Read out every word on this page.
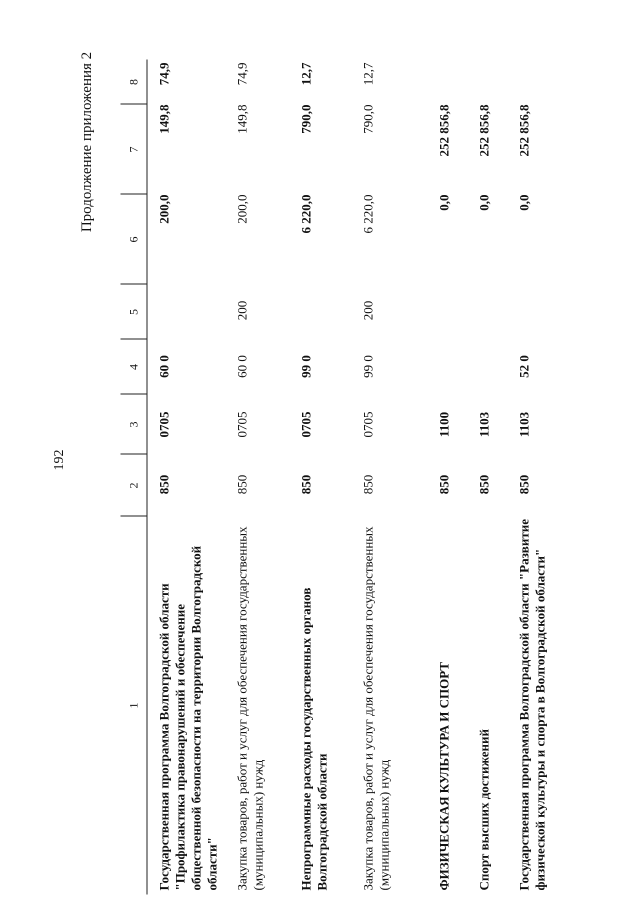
192
Продолжение приложения 2
1
2
3
4
5
6
7
8
Государственная программа Волгоградской области "Профилактика правонарушений и обеспечение общественной безопасности на территории Волгоградской области"
850
0705
60 0
200,0
149,8
74,9
Закупка товаров, работ и услуг для обеспечения государственных (муниципальных) нужд
850
0705
60 0
200
200,0
149,8
74,9
Непрограммные расходы государственных органов Волгоградской области
850
0705
99 0
6 220,0
790,0
12,7
Закупка товаров, работ и услуг для обеспечения государственных (муниципальных) нужд
850
0705
99 0
200
6 220,0
790,0
12,7
ФИЗИЧЕСКАЯ КУЛЬТУРА И СПОРТ
850
1100
0,0
252 856,8
Спорт высших достижений
850
1103
0,0
252 856,8
Государственная программа Волгоградской области "Развитие физической культуры и спорта в Волгоградской области"
850
1103
52 0
0,0
252 856,8
